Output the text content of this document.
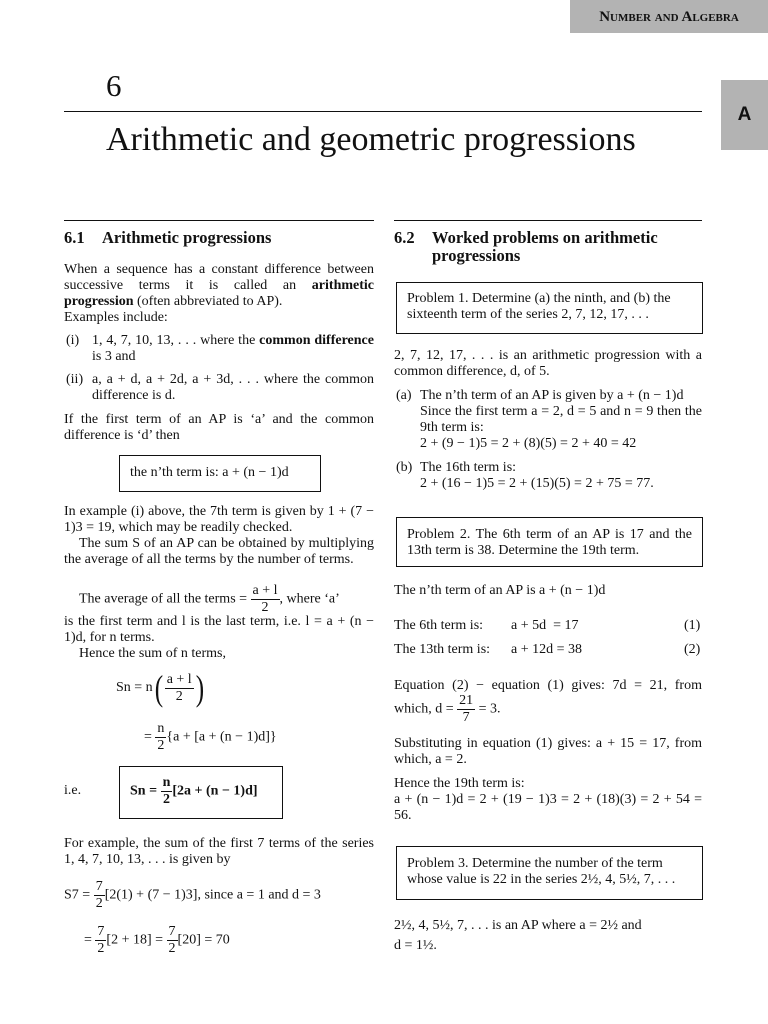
Number and Algebra
A
6
Arithmetic and geometric progressions
6.1 Arithmetic progressions
When a sequence has a constant difference between successive terms it is called an arithmetic progression (often abbreviated to AP).
Examples include:
(i) 1, 4, 7, 10, 13, . . . where the common difference is 3 and
(ii) a, a + d, a + 2d, a + 3d, . . . where the common difference is d.
If the first term of an AP is ‘a’ and the common difference is ‘d’ then
the n’th term is: a + (n − 1)d
In example (i) above, the 7th term is given by 1 + (7 − 1)3 = 19, which may be readily checked.
The sum S of an AP can be obtained by multiplying the average of all the terms by the number of terms.
The average of all the terms = $\frac{a + l}{2}$ , where ‘a’
is the first term and l is the last term, i.e. l = a + (n − 1)d, for n terms.
Hence the sum of n terms,
$Sn = n( \frac{a + l}{2}$ )
= $\frac{n}{2} \{a + [a + (n - 1)d]\}$
i.e.	$Sn = \frac{n}{2} [2a + (n - 1)d]$
For example, the sum of the first 7 terms of the series 1, 4, 7, 10, 13, . . . is given by
$S7 = \frac{7}{2} [2(1) + (7 - 1)3]$, since a = 1 and d = 3
= $\frac{7}{2} [2 + 18] = \frac{7}{2} [20] = 70$
6.2 Worked problems on arithmetic
progressions
Problem 1. Determine (a) the ninth, and (b) the sixteenth term of the series 2, 7, 12, 17, . . .
2, 7, 12, 17, . . . is an arithmetic progression with a common difference, d, of 5.
(a) The n’th term of an AP is given by a + (n − 1)d
Since the first term a = 2, d = 5 and n = 9 then the 9th term is:
2 + (9 − 1)5 = 2 + (8)(5) = 2 + 40 = 42
(b) The 16th term is:
2 + (16 − 1)5 = 2 + (15)(5) = 2 + 75 = 77.
Problem 2. The 6th term of an AP is 17 and the 13th term is 38. Determine the 19th term.
The n’th term of an AP is a + (n − 1)d
The 6th term is: a + 5d  = 17	(1)
The 13th term is: a + 12d = 38	(2)
Equation (2) − equation (1) gives: 7d = 21, from which, $d = \frac{21}{7} = 3$.
Substituting in equation (1) gives: a + 15 = 17, from which, a = 2.
Hence the 19th term is:
a + (n − 1)d = 2 + (19 − 1)3 = 2 + (18)(3) = 2 + 54 = 56.
Problem 3. Determine the number of the term
whose value is 22 in the series 2½, 4, 5½, 7, . . .
2½, 4, 5½, 7, . . . is an AP where a = 2½ and
d = 1½.
